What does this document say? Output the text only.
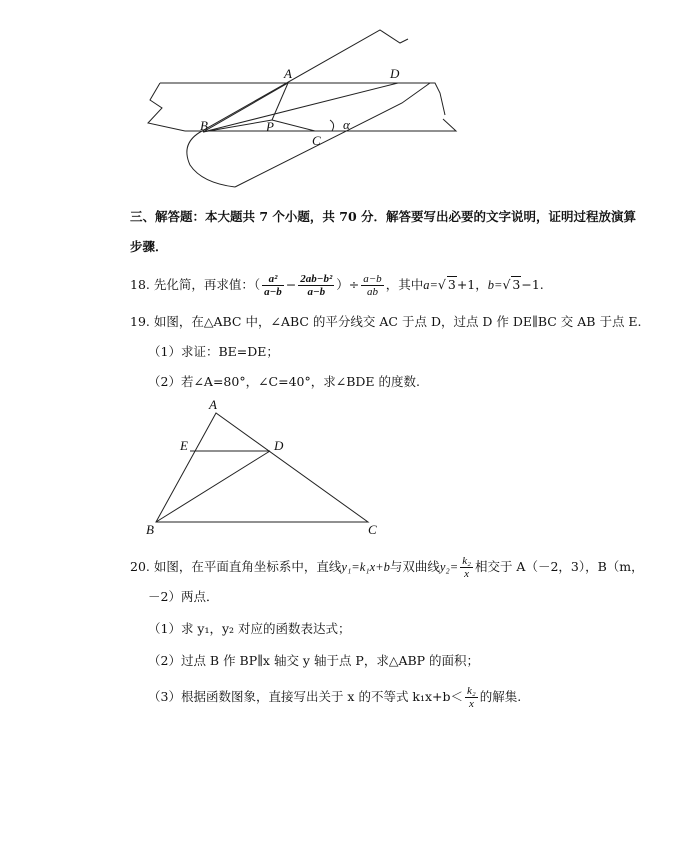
A	D
B	P
C
α
三、解答题：本大题共 7 个小题，共 70 分．解答要写出必要的文字说明，证明过程放演算
步骤．
18. 先化简，再求值：（ $\frac{\text{a²}}{a-b} - \frac{\text{2ab−b²}}{a-b}$ ）÷ $\frac{a-b}{ab}$ ，其中a=√ 3+1，b=√ 3−1.
19. 如图，在△ABC 中，∠ABC 的平分线交 AC 于点 D，过点 D 作 DE∥BC 交 AB 于点 E.
（1）求证：BE=DE；
（2）若∠A=80°，∠C=40°，求∠BDE 的度数.
A
E	D
B	C
20. 如图，在平面直角坐标系中，直线y₁=k₁x+b与双曲线$y_2= \frac{\text{k₂}}{x}$ 相交于 A（－2，3），B（m，
－2）两点．
（1）求 y₁，y₂ 对应的函数表达式；
（2）过点 B 作 BP∥x 轴交 y 轴于点 P，求△ABP 的面积；
（3）根据函数图象，直接写出关于 x 的不等式 $k_1x+b< \frac{\text{k₂}}{x}$ 的解集.
